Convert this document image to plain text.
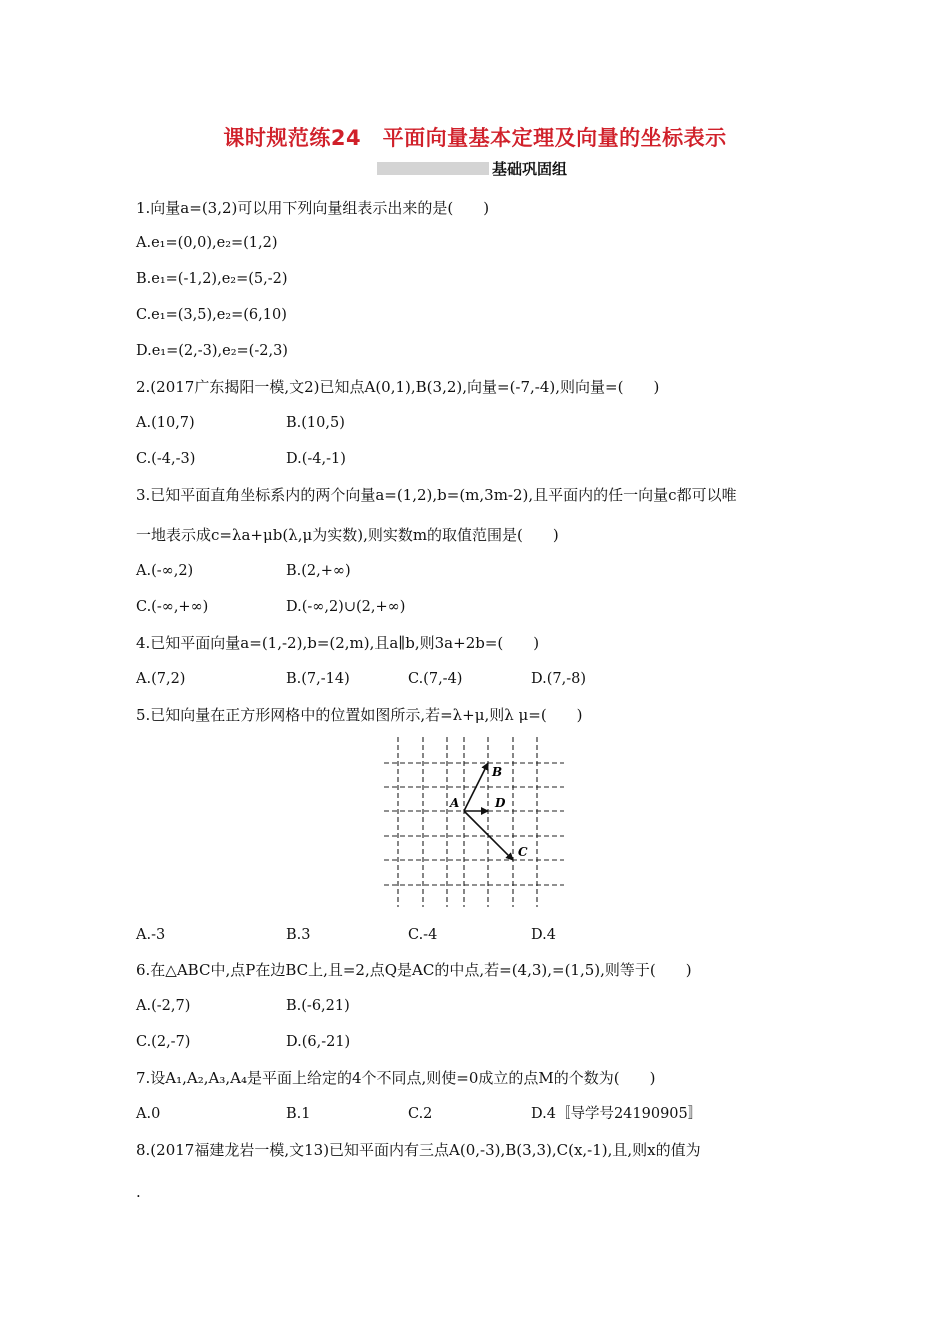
课时规范练24　平面向量基本定理及向量的坐标表示
基础巩固组
1.向量a=(3,2)可以用下列向量组表示出来的是(　　)
A.e₁=(0,0),e₂=(1,2)
B.e₁=(-1,2),e₂=(5,-2)
C.e₁=(3,5),e₂=(6,10)
D.e₁=(2,-3),e₂=(-2,3)
2.(2017广东揭阳一模,文2)已知点A(0,1),B(3,2),向量=(-7,-4),则向量=(　　)
A.(10,7)	B.(10,5)
C.(-4,-3)	D.(-4,-1)
3.已知平面直角坐标系内的两个向量a=(1,2),b=(m,3m-2),且平面内的任一向量c都可以唯
一地表示成c=λa+μb(λ,μ为实数),则实数m的取值范围是(　　)
A.(-∞,2)	B.(2,+∞)
C.(-∞,+∞)	D.(-∞,2)∪(2,+∞)
4.已知平面向量a=(1,-2),b=(2,m),且a∥b,则3a+2b=(　　)
A.(7,2)	B.(7,-14)	C.(7,-4)	D.(7,-8)
5.已知向量在正方形网格中的位置如图所示,若=λ+μ,则λ μ=(　　)
A
B
C
D
A.-3	B.3	C.-4	D.4
6.在△ABC中,点P在边BC上,且=2,点Q是AC的中点,若=(4,3),=(1,5),则等于(　　)
A.(-2,7)	B.(-6,21)
C.(2,-7)	D.(6,-21)
7.设A₁,A₂,A₃,A₄是平面上给定的4个不同点,则使=0成立的点M的个数为(　　)
A.0	B.1	C.2	D.4〚导学号24190905〛
8.(2017福建龙岩一模,文13)已知平面内有三点A(0,-3),B(3,3),C(x,-1),且,则x的值为
.
